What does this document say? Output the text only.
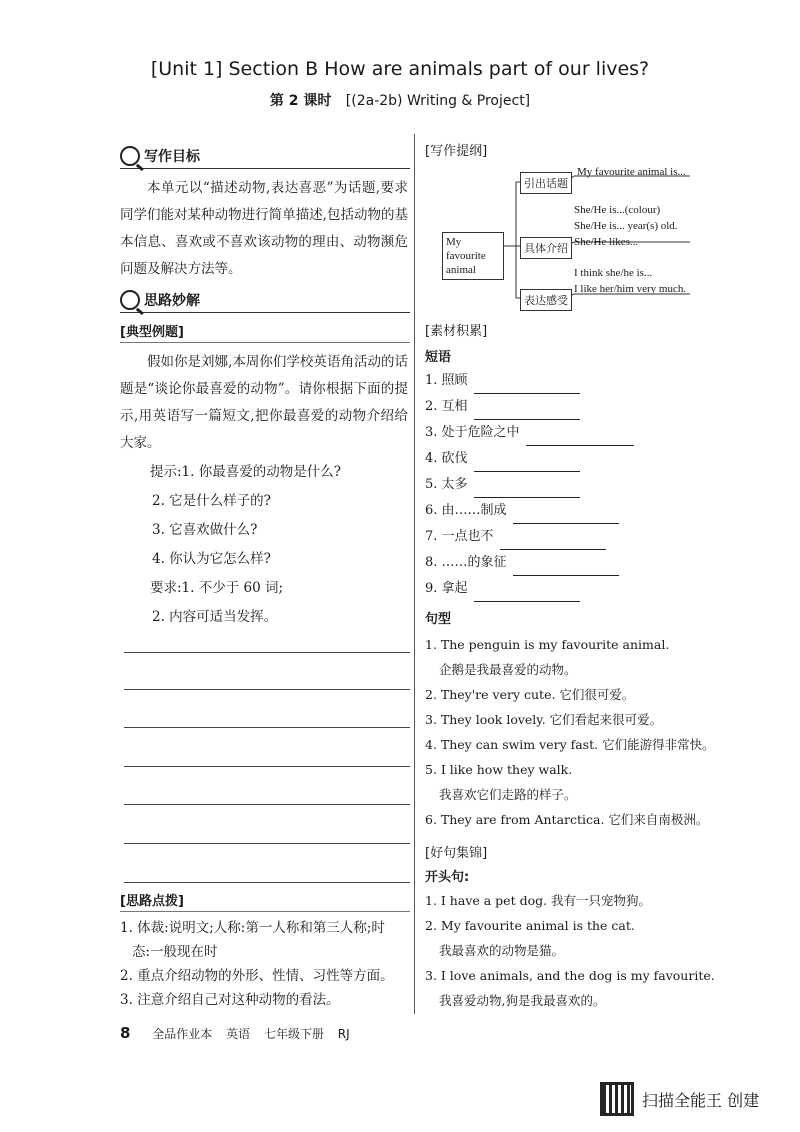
[Unit 1] Section B How are animals part of our lives?
第 2 课时 [(2a-2b) Writing & Project]
写作目标
本单元以“描述动物,表达喜恶”为话题,要求同学们能对某种动物进行简单描述,包括动物的基本信息、喜欢或不喜欢该动物的理由、动物濒危问题及解决方法等。
思路妙解
[典型例题]
假如你是刘娜,本周你们学校英语角活动的话题是“谈论你最喜爱的动物”。请你根据下面的提示,用英语写一篇短文,把你最喜爱的动物介绍给大家。
提示:1. 你最喜爱的动物是什么?
2. 它是什么样子的?
3. 它喜欢做什么?
4. 你认为它怎么样?
要求:1. 不少于 60 词;
2. 内容可适当发挥。
[思路点拨]
1. 体裁:说明文;人称:第一人称和第三人称;时
态:一般现在时
2. 重点介绍动物的外形、性情、习性等方面。
3. 注意介绍自己对这种动物的看法。
[写作提纲]
My favourite animal
引出话题
具体介绍
表达感受
My favourite animal is...
She/He is...(colour)
She/He is... year(s) old.
She/He likes...
I think she/he is...
I like her/him very much.
[素材积累]
短语
1. 照顾
2. 互相
3. 处于危险之中
4. 砍伐
5. 太多
6. 由……制成
7. 一点也不
8. ……的象征
9. 拿起
句型
1. The penguin is my favourite animal.
企鹅是我最喜爱的动物。
2. They're very cute. 它们很可爱。
3. They look lovely. 它们看起来很可爱。
4. They can swim very fast. 它们能游得非常快。
5. I like how they walk.
我喜欢它们走路的样子。
6. They are from Antarctica. 它们来自南极洲。
[好句集锦]
开头句:
1. I have a pet dog. 我有一只宠物狗。
2. My favourite animal is the cat.
我最喜欢的动物是猫。
3. I love animals, and the dog is my favourite.
我喜爱动物,狗是我最喜欢的。
8 全品作业本 英语 七年级下册 RJ
扫描全能王 创建
